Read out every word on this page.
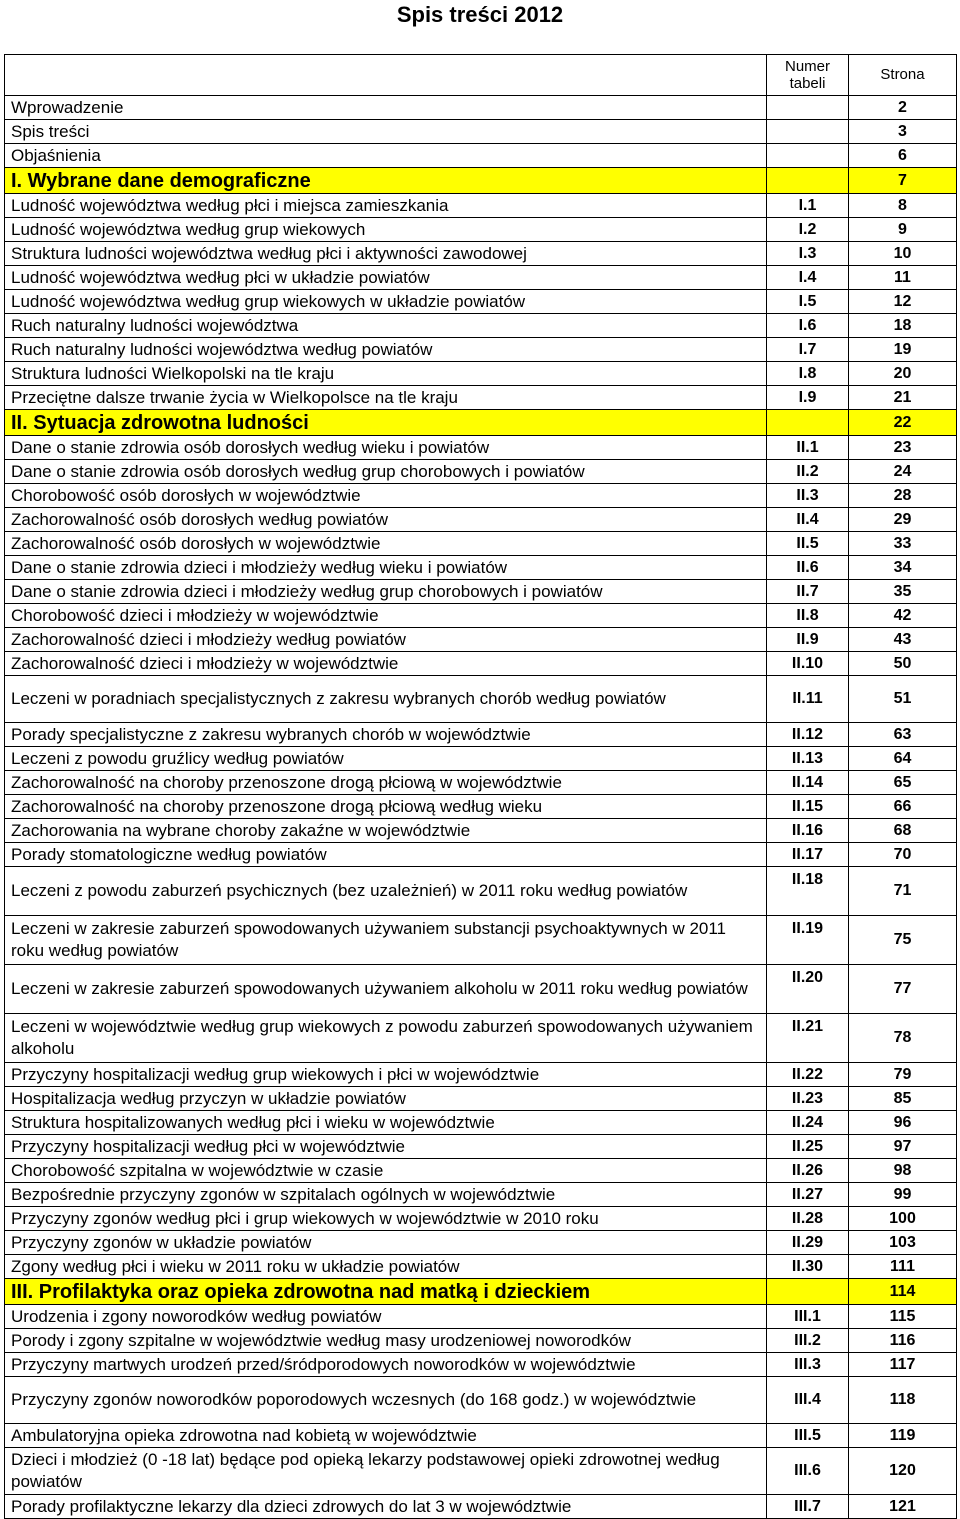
Spis treści 2012
	Numer tabeli	Strona
Wprowadzenie		2
Spis treści		3
Objaśnienia		6
I. Wybrane dane demograficzne		7
Ludność województwa według płci i miejsca zamieszkania	I.1	8
Ludność województwa według grup wiekowych	I.2	9
Struktura ludności województwa według płci i aktywności zawodowej	I.3	10
Ludność województwa według płci w układzie powiatów	I.4	11
Ludność województwa według grup wiekowych w układzie powiatów	I.5	12
Ruch naturalny ludności województwa	I.6	18
Ruch naturalny ludności województwa według powiatów	I.7	19
Struktura ludności Wielkopolski na tle kraju	I.8	20
Przeciętne dalsze trwanie życia w Wielkopolsce na tle kraju	I.9	21
II. Sytuacja zdrowotna ludności		22
Dane o stanie zdrowia osób dorosłych według wieku i powiatów	II.1	23
Dane o stanie zdrowia osób dorosłych według grup chorobowych i powiatów	II.2	24
Chorobowość osób dorosłych w województwie	II.3	28
Zachorowalność osób dorosłych według powiatów	II.4	29
Zachorowalność osób dorosłych w województwie	II.5	33
Dane o stanie zdrowia dzieci i młodzieży według wieku i powiatów	II.6	34
Dane o stanie zdrowia dzieci i młodzieży według grup chorobowych i powiatów	II.7	35
Chorobowość dzieci i młodzieży w województwie	II.8	42
Zachorowalność dzieci i młodzieży według powiatów	II.9	43
Zachorowalność dzieci i młodzieży w województwie	II.10	50
Leczeni w poradniach specjalistycznych z zakresu wybranych chorób według powiatów	II.11	51
Porady specjalistyczne z zakresu wybranych chorób w województwie	II.12	63
Leczeni z powodu gruźlicy według powiatów	II.13	64
Zachorowalność na choroby przenoszone drogą płciową w województwie	II.14	65
Zachorowalność na choroby przenoszone drogą płciową według wieku	II.15	66
Zachorowania na wybrane choroby zakaźne w województwie	II.16	68
Porady stomatologiczne według powiatów	II.17	70
Leczeni z powodu zaburzeń psychicznych (bez uzależnień) w 2011 roku według powiatów	II.18	71
Leczeni w zakresie zaburzeń spowodowanych używaniem substancji psychoaktywnych w 2011 roku według powiatów	II.19	75
Leczeni w zakresie zaburzeń spowodowanych używaniem alkoholu w 2011 roku według powiatów	II.20	77
Leczeni w województwie według grup wiekowych z powodu zaburzeń spowodowanych używaniem alkoholu	II.21	78
Przyczyny hospitalizacji według grup wiekowych i płci w województwie	II.22	79
Hospitalizacja według przyczyn w układzie powiatów	II.23	85
Struktura hospitalizowanych według płci i wieku w województwie	II.24	96
Przyczyny hospitalizacji według płci w województwie	II.25	97
Chorobowość szpitalna w województwie w czasie	II.26	98
Bezpośrednie przyczyny zgonów w szpitalach ogólnych w województwie	II.27	99
Przyczyny zgonów według płci i grup wiekowych w województwie w 2010 roku	II.28	100
Przyczyny zgonów w układzie powiatów	II.29	103
Zgony według płci i wieku w 2011 roku w układzie powiatów	II.30	111
III. Profilaktyka oraz opieka zdrowotna nad matką i dzieckiem		114
Urodzenia i zgony noworodków według powiatów	III.1	115
Porody i zgony szpitalne w województwie według masy urodzeniowej noworodków	III.2	116
Przyczyny martwych urodzeń przed/śródporodowych noworodków w województwie	III.3	117
Przyczyny zgonów noworodków poporodowych wczesnych (do 168 godz.) w województwie	III.4	118
Ambulatoryjna opieka zdrowotna nad kobietą w województwie	III.5	119
Dzieci i młodzież (0 -18 lat) będące pod opieką lekarzy podstawowej opieki zdrowotnej według powiatów	III.6	120
Porady profilaktyczne lekarzy dla dzieci zdrowych do lat 3 w województwie	III.7	121
